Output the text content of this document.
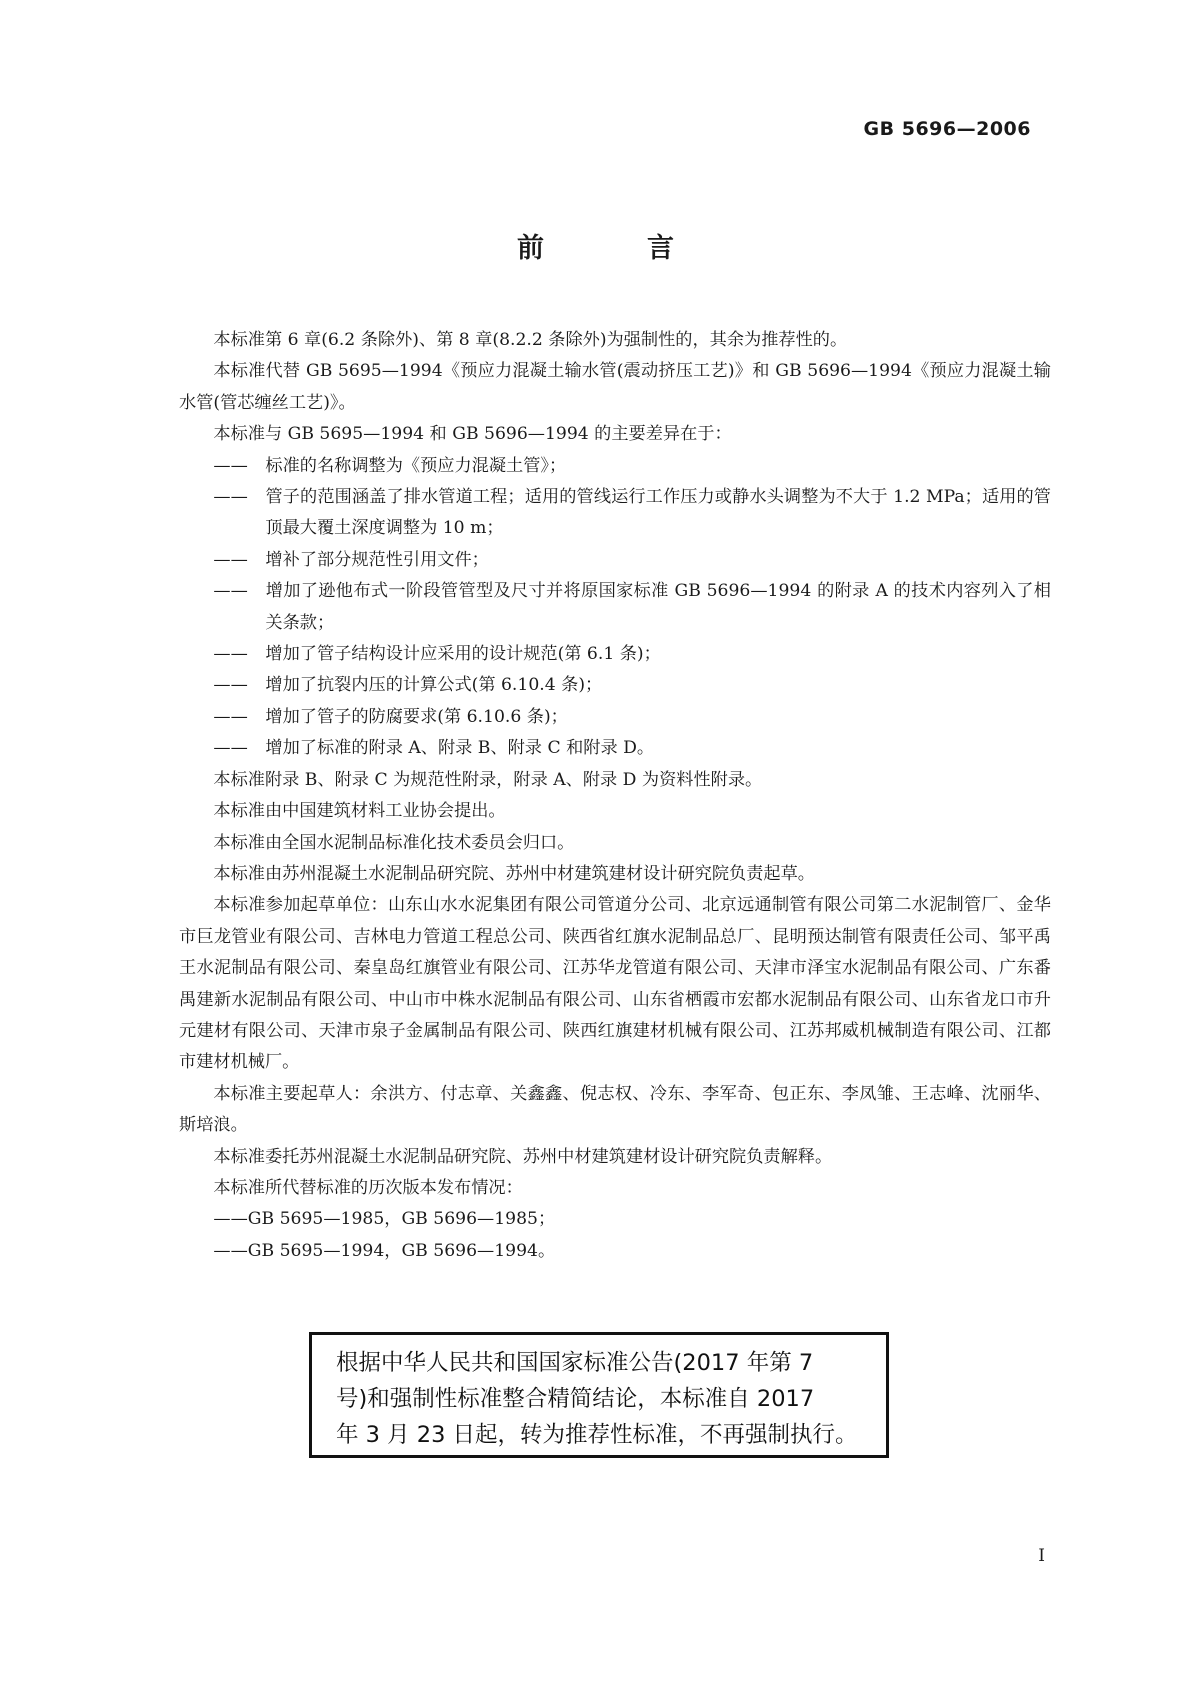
GB 5696—2006
前　言

本标准第 6 章(6.2 条除外)、第 8 章(8.2.2 条除外)为强制性的，其余为推荐性的。

本标准代替 GB 5695—1994《预应力混凝土输水管(震动挤压工艺)》和 GB 5696—1994《预应力混凝土输水管(管芯缠丝工艺)》。

本标准与 GB 5695—1994 和 GB 5696—1994 的主要差异在于：

—— 标准的名称调整为《预应力混凝土管》；
—— 管子的范围涵盖了排水管道工程；适用的管线运行工作压力或静水头调整为不大于 1.2 MPa；适用的管顶最大覆土深度调整为 10 m；
—— 增补了部分规范性引用文件；
—— 增加了逊他布式一阶段管管型及尺寸并将原国家标准 GB 5696—1994 的附录 A 的技术内容列入了相关条款；
—— 增加了管子结构设计应采用的设计规范(第 6.1 条)；
—— 增加了抗裂内压的计算公式(第 6.10.4 条)；
—— 增加了管子的防腐要求(第 6.10.6 条)；
—— 增加了标准的附录 A、附录 B、附录 C 和附录 D。

本标准附录 B、附录 C 为规范性附录，附录 A、附录 D 为资料性附录。

本标准由中国建筑材料工业协会提出。

本标准由全国水泥制品标准化技术委员会归口。

本标准由苏州混凝土水泥制品研究院、苏州中材建筑建材设计研究院负责起草。

本标准参加起草单位：山东山水水泥集团有限公司管道分公司、北京远通制管有限公司第二水泥制管厂、金华市巨龙管业有限公司、吉林电力管道工程总公司、陕西省红旗水泥制品总厂、昆明预达制管有限责任公司、邹平禹王水泥制品有限公司、秦皇岛红旗管业有限公司、江苏华龙管道有限公司、天津市泽宝水泥制品有限公司、广东番禺建新水泥制品有限公司、中山市中株水泥制品有限公司、山东省栖霞市宏都水泥制品有限公司、山东省龙口市升元建材有限公司、天津市泉子金属制品有限公司、陕西红旗建材机械有限公司、江苏邦威机械制造有限公司、江都市建材机械厂。

本标准主要起草人：余洪方、付志章、关鑫鑫、倪志权、冷东、李军奇、包正东、李凤雏、王志峰、沈丽华、斯培浪。

本标准委托苏州混凝土水泥制品研究院、苏州中材建筑建材设计研究院负责解释。

本标准所代替标准的历次版本发布情况：

——GB 5695—1985，GB 5696—1985；
——GB 5695—1994，GB 5696—1994。
根据中华人民共和国国家标准公告(2017 年第 7
号)和强制性标准整合精简结论，本标准自 2017
年 3 月 23 日起，转为推荐性标准，不再强制执行。
I
